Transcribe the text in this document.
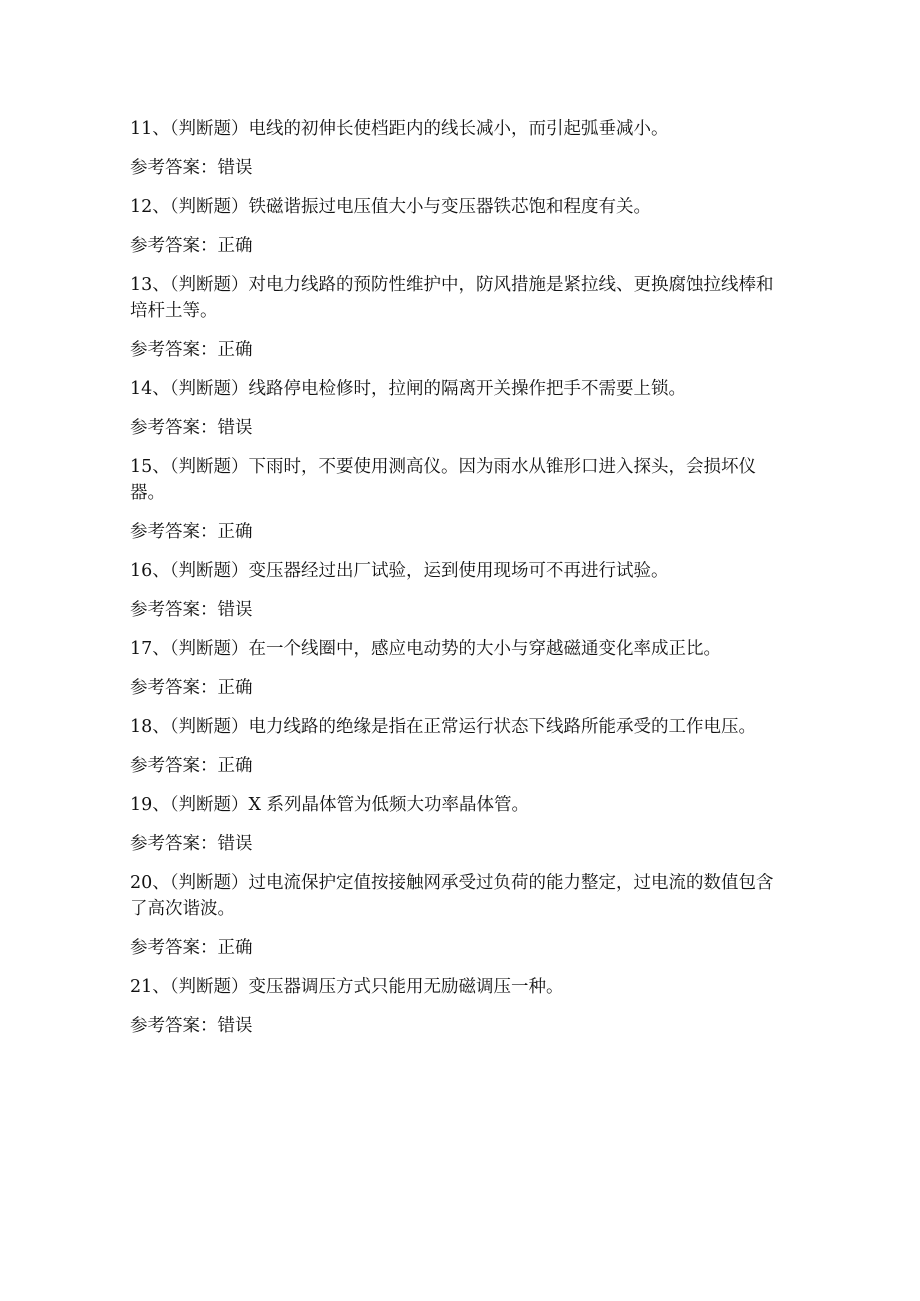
11、（判断题）电线的初伸长使档距内的线长减小，而引起弧垂减小。
参考答案：错误
12、（判断题）铁磁谐振过电压值大小与变压器铁芯饱和程度有关。
参考答案：正确
13、（判断题）对电力线路的预防性维护中，防风措施是紧拉线、更换腐蚀拉线棒和培杆土等。
参考答案：正确
14、（判断题）线路停电检修时，拉闸的隔离开关操作把手不需要上锁。
参考答案：错误
15、（判断题）下雨时，不要使用测高仪。因为雨水从锥形口进入探头，会损坏仪器。
参考答案：正确
16、（判断题）变压器经过出厂试验，运到使用现场可不再进行试验。
参考答案：错误
17、（判断题）在一个线圈中，感应电动势的大小与穿越磁通变化率成正比。
参考答案：正确
18、（判断题）电力线路的绝缘是指在正常运行状态下线路所能承受的工作电压。
参考答案：正确
19、（判断题）X 系列晶体管为低频大功率晶体管。
参考答案：错误
20、（判断题）过电流保护定值按接触网承受过负荷的能力整定，过电流的数值包含了高次谐波。
参考答案：正确
21、（判断题）变压器调压方式只能用无励磁调压一种。
参考答案：错误
